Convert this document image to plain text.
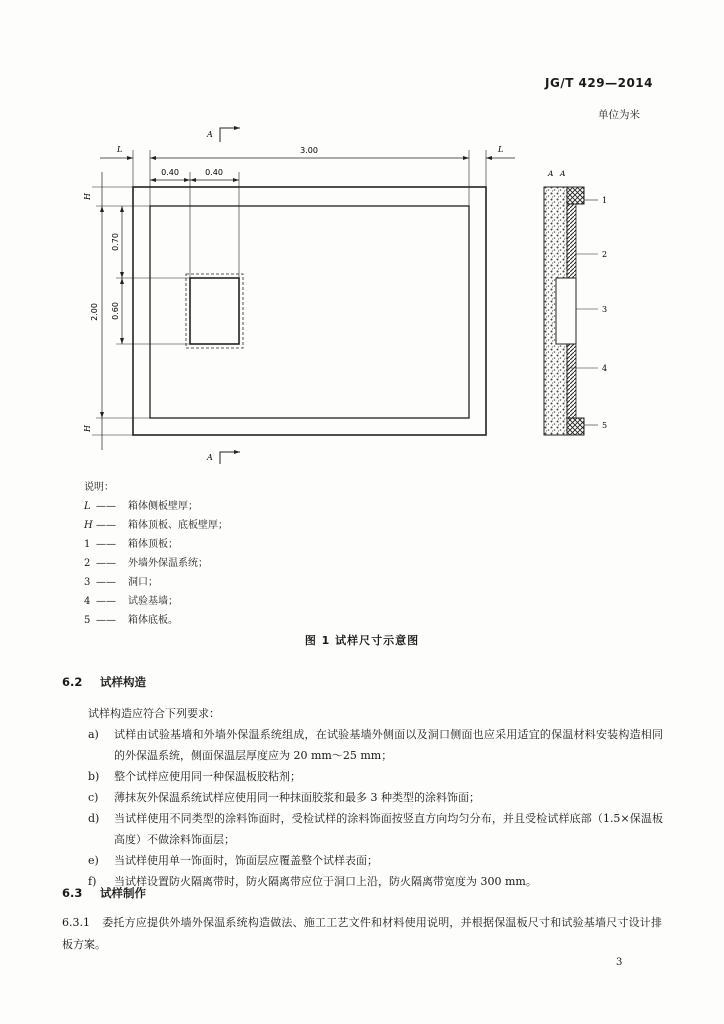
JG/T 429—2014
单位为米
3.00
0.40	0.40
2.00
0.70
0.60
L	L
H
H
A
A
A A
1
2
3
4
5
说明：
L ——	箱体侧板壁厚；
H ——	箱体顶板、底板壁厚；
1 ——	箱体顶板；
2 ——	外墙外保温系统；
3 ——	洞口；
4 ——	试验基墙；
5 ——	箱体底板。
图 1 试样尺寸示意图
6.2 试样构造
试样构造应符合下列要求：
a)	试样由试验基墙和外墙外保温系统组成，在试验基墙外侧面以及洞口侧面也应采用适宜的保温材料安装构造相同的外保温系统，侧面保温层厚度应为 20 mm～25 mm；
b)	整个试样应使用同一种保温板胶粘剂；
c)	薄抹灰外保温系统试样应使用同一种抹面胶浆和最多 3 种类型的涂料饰面；
d)	当试样使用不同类型的涂料饰面时，受检试样的涂料饰面按竖直方向均匀分布，并且受检试样底部（1.5×保温板高度）不做涂料饰面层；
e)	当试样使用单一饰面时，饰面层应覆盖整个试样表面；
f)	当试样设置防火隔离带时，防火隔离带应位于洞口上沿，防火隔离带宽度为 300 mm。
6.3 试样制作
6.3.1 委托方应提供外墙外保温系统构造做法、施工工艺文件和材料使用说明，并根据保温板尺寸和试验基墙尺寸设计排板方案。
3
